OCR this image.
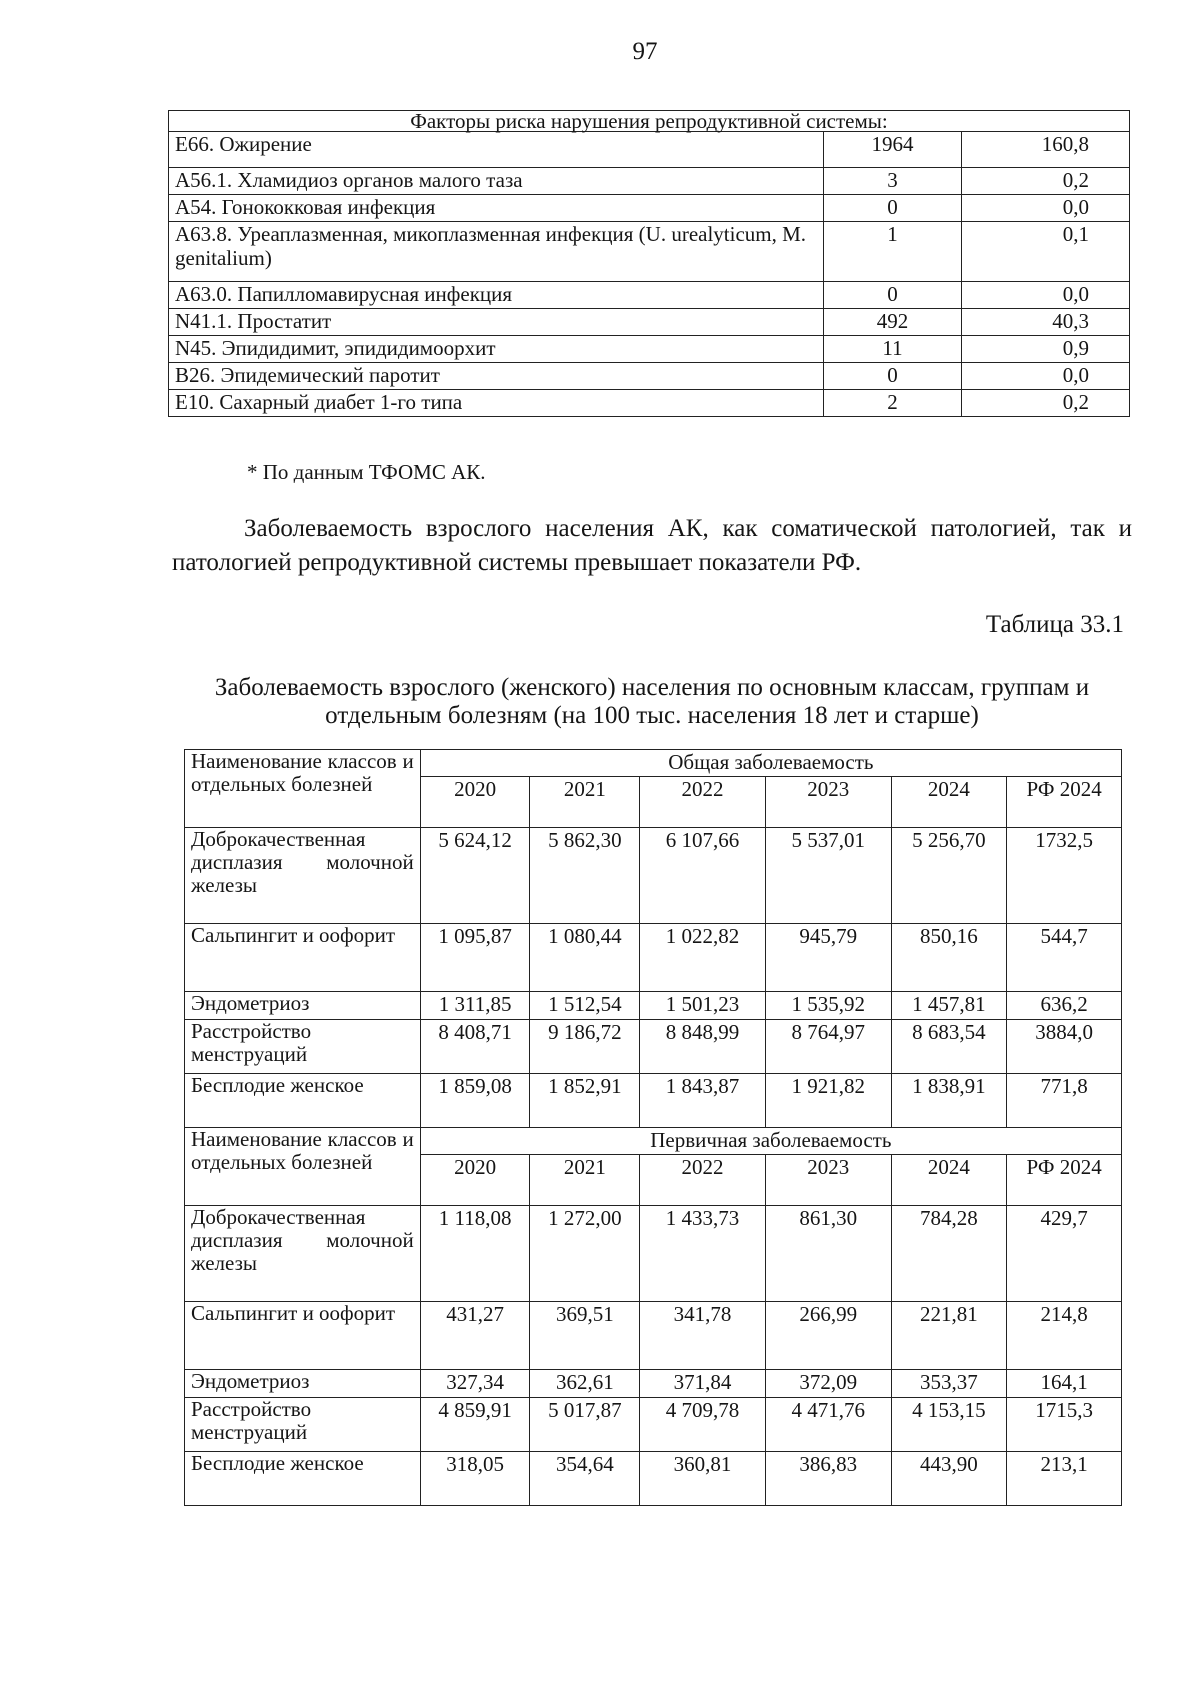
97
Факторы риска нарушения репродуктивной системы:		
Е66. Ожирение	1964	160,8
А56.1. Хламидиоз органов малого таза	3	0,2
А54. Гонококковая инфекция	0	0,0
А63.8. Уреаплазменная, микоплазменная инфекция (U. urealyticum, M. genitalium)	1	0,1
А63.0. Папилломавирусная инфекция	0	0,0
N41.1. Простатит	492	40,3
N45. Эпидидимит, эпидидимоорхит	11	0,9
В26. Эпидемический паротит	0	0,0
Е10. Сахарный диабет 1-го типа	2	0,2
* По данным ТФОМС АК.

Заболеваемость взрослого населения АК, как соматической патологией, так и патологией репродуктивной системы превышает показатели РФ.

Таблица 33.1
Заболеваемость взрослого (женского) населения по основным классам, группам и отдельным болезням (на 100 тыс. населения 18 лет и старше)
Наименование классов и отдельных болезней	Общая заболеваемость					
	2020	2021	2022	2023	2024	РФ 2024
Доброкачественная дисплазия молочной железы	5 624,12	5 862,30	6 107,66	5 537,01	5 256,70	1732,5
Сальпингит и оофорит	1 095,87	1 080,44	1 022,82	945,79	850,16	544,7
Эндометриоз	1 311,85	1 512,54	1 501,23	1 535,92	1 457,81	636,2
Расстройство менструаций	8 408,71	9 186,72	8 848,99	8 764,97	8 683,54	3884,0
Бесплодие женское	1 859,08	1 852,91	1 843,87	1 921,82	1 838,91	771,8
Наименование классов и отдельных болезней	Первичная заболеваемость					
	2020	2021	2022	2023	2024	РФ 2024
Доброкачественная дисплазия молочной железы	1 118,08	1 272,00	1 433,73	861,30	784,28	429,7
Сальпингит и оофорит	431,27	369,51	341,78	266,99	221,81	214,8
Эндометриоз	327,34	362,61	371,84	372,09	353,37	164,1
Расстройство менструаций	4 859,91	5 017,87	4 709,78	4 471,76	4 153,15	1715,3
Бесплодие женское	318,05	354,64	360,81	386,83	443,90	213,1
